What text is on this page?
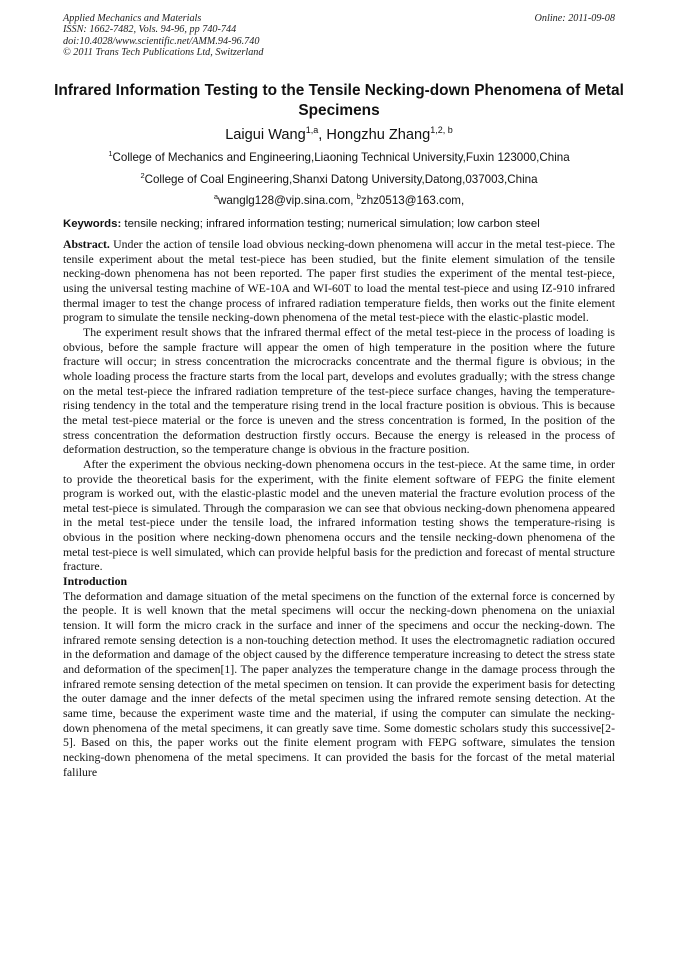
Applied Mechanics and Materials
ISSN: 1662-7482, Vols. 94-96, pp 740-744
doi:10.4028/www.scientific.net/AMM.94-96.740
© 2011 Trans Tech Publications Ltd, Switzerland
Online: 2011-09-08
Infrared Information Testing to the Tensile Necking-down Phenomena of Metal Specimens
Laigui Wang$^{1,a}$, Hongzhu Zhang$^{1,2, b}$
$^1$College of Mechanics and Engineering,Liaoning Technical University,Fuxin 123000,China
$^2$College of Coal Engineering,Shanxi Datong University,Datong,037003,China
$^a$wanglg128@vip.sina.com, $^b$zhz0513@163.com,
Keywords: tensile necking; infrared information testing; numerical simulation; low carbon steel

Abstract. Under the action of tensile load obvious necking-down phenomena will accur in the metal test-piece. The tensile experiment about the metal test-piece has been studied, but the finite element simulation of the tensile necking-down phenomena has not been reported. The paper first studies the experiment of the mental test-piece, using the universal testing machine of WE-10A and WI-60T to load the mental test-piece and using IZ-910 infrared thermal imager to test the change process of infrared radiation temperature fields, then works out the finite element program to simulate the tensile necking-down phenomena of the metal test-piece with the elastic-plastic model.

The experiment result shows that the infrared thermal effect of the metal test-piece in the process of loading is obvious, before the sample fracture will appear the omen of high temperature in the position where the future fracture will occur; in stress concentration the microcracks concentrate and the thermal figure is obvious; in the whole loading process the fracture starts from the local part, develops and evolutes gradually; with the stress change on the metal test-piece the infrared radiation tempreture of the test-piece surface changes, having the temperature-rising tendency in the total and the temperature rising trend in the local fracture position is obvious. This is because the metal test-piece material or the force is uneven and the stress concentration is formed, In the position of the stress concentration the deformation destruction firstly occurs. Because the energy is released in the process of deformation destruction, so the temperature change is obvious in the fracture position.

After the experiment the obvious necking-down phenomena occurs in the test-piece. At the same time, in order to provide the theoretical basis for the experiment, with the finite element software of FEPG the finite element program is worked out, with the elastic-plastic model and the uneven material the fracture evolution process of the metal test-piece is simulated. Through the comparasion we can see that obvious necking-down phenomena appeared in the metal test-piece under the tensile load, the infrared information testing shows the temperature-rising is obvious in the position where necking-down phenomena occurs and the tensile necking-down phenomena of the metal test-piece is well simulated, which can provide helpful basis for the prediction and forecast of mental structure fracture.

Introduction

The deformation and damage situation of the metal specimens on the function of the external force is concerned by the people. It is well known that the metal specimens will occur the necking-down phenomena on the uniaxial tension. It will form the micro crack in the surface and inner of the specimens and occur the necking-down. The infrared remote sensing detection is a non-touching detection method. It uses the electromagnetic radiation occured in the deformation and damage of the object caused by the difference temperature increasing to detect the stress state and deformation of the specimen[1]. The paper analyzes the temperature change in the damage process through the infrared remote sensing detection of the metal specimen on tension. It can provide the experiment basis for detecting the outer damage and the inner defects of the metal specimen using the infrared remote sensing detection. At the same time, because the experiment waste time and the material, if using the computer can simulate the necking-down phenomena of the metal specimens, it can greatly save time. Some domestic scholars study this successive[2-5]. Based on this, the paper works out the finite element program with FEPG software, simulates the tension necking-down phenomena of the metal specimens. It can provided the basis for the forcast of the metal material falilure
